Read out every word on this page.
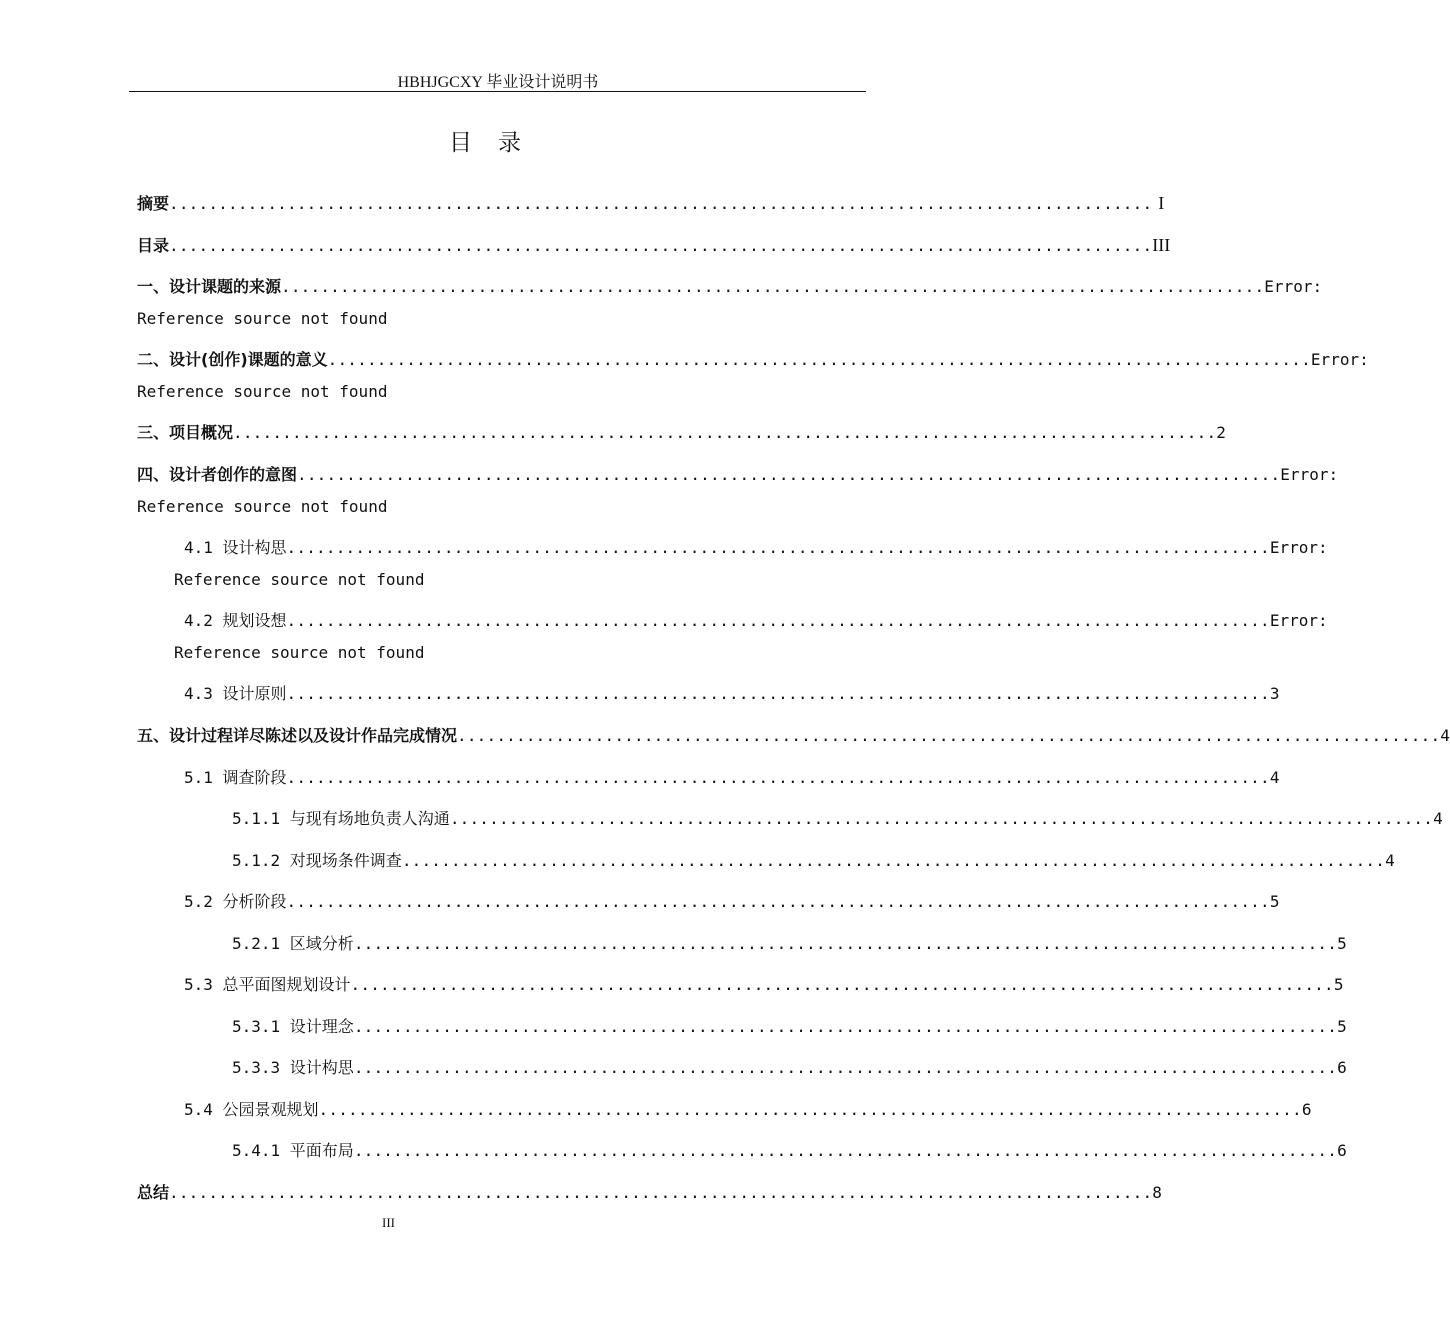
HBHJGCXY 毕业设计说明书
目录
摘要 .................................................................................................... I
目录 .................................................................................................... III
一、设计课题的来源 .................................................................................................... Error:
Reference source not found
二、设计(创作)课题的意义 .................................................................................................... Error:
Reference source not found
三、项目概况 .................................................................................................... 2
四、设计者创作的意图 .................................................................................................... Error:
Reference source not found
4.1 设计构思 .................................................................................................... Error:
Reference source not found
4.2 规划设想 .................................................................................................... Error:
Reference source not found
4.3 设计原则 .................................................................................................... 3
五、设计过程详尽陈述以及设计作品完成情况 .................................................................................................... 4
5.1 调查阶段 .................................................................................................... 4
5.1.1 与现有场地负责人沟通 .................................................................................................... 4
5.1.2 对现场条件调查 .................................................................................................... 4
5.2 分析阶段 .................................................................................................... 5
5.2.1 区域分析 .................................................................................................... 5
5.3 总平面图规划设计 .................................................................................................... 5
5.3.1 设计理念 .................................................................................................... 5
5.3.3 设计构思 .................................................................................................... 6
5.4 公园景观规划 .................................................................................................... 6
5.4.1 平面布局 .................................................................................................... 6
总结 .................................................................................................... 8
III
